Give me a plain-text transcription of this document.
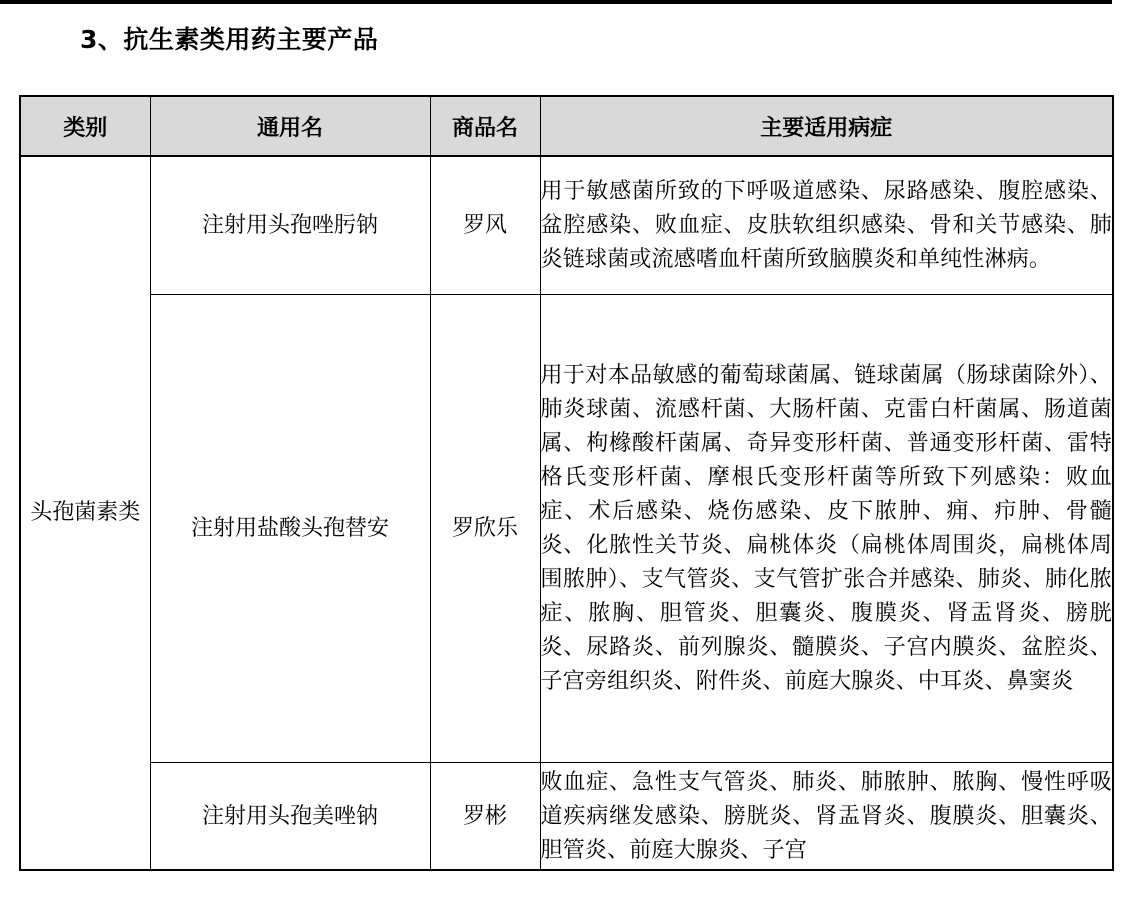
3、抗生素类用药主要产品
类别	通用名	商品名	主要适用病症
头孢菌素类	注射用头孢唑肟钠	罗风	用于敏感菌所致的下呼吸道感染、尿路感染、腹腔感染、盆腔感染、败血症、皮肤软组织感染、骨和关节感染、肺炎链球菌或流感嗜血杆菌所致脑膜炎和单纯性淋病。
	注射用盐酸头孢替安	罗欣乐	用于对本品敏感的葡萄球菌属、链球菌属（肠球菌除外）、肺炎球菌、流感杆菌、大肠杆菌、克雷白杆菌属、肠道菌属、枸橼酸杆菌属、奇异变形杆菌、普通变形杆菌、雷特格氏变形杆菌、摩根氏变形杆菌等所致下列感染：败血症、术后感染、烧伤感染、皮下脓肿、痈、疖肿、骨髓炎、化脓性关节炎、扁桃体炎（扁桃体周围炎，扁桃体周围脓肿）、支气管炎、支气管扩张合并感染、肺炎、肺化脓症、脓胸、胆管炎、胆囊炎、腹膜炎、肾盂肾炎、膀胱炎、尿路炎、前列腺炎、髓膜炎、子宫内膜炎、盆腔炎、子宫旁组织炎、附件炎、前庭大腺炎、中耳炎、鼻窦炎
	注射用头孢美唑钠	罗彬	败血症、急性支气管炎、肺炎、肺脓肿、脓胸、慢性呼吸道疾病继发感染、膀胱炎、肾盂肾炎、腹膜炎、胆囊炎、胆管炎、前庭大腺炎、子宫
